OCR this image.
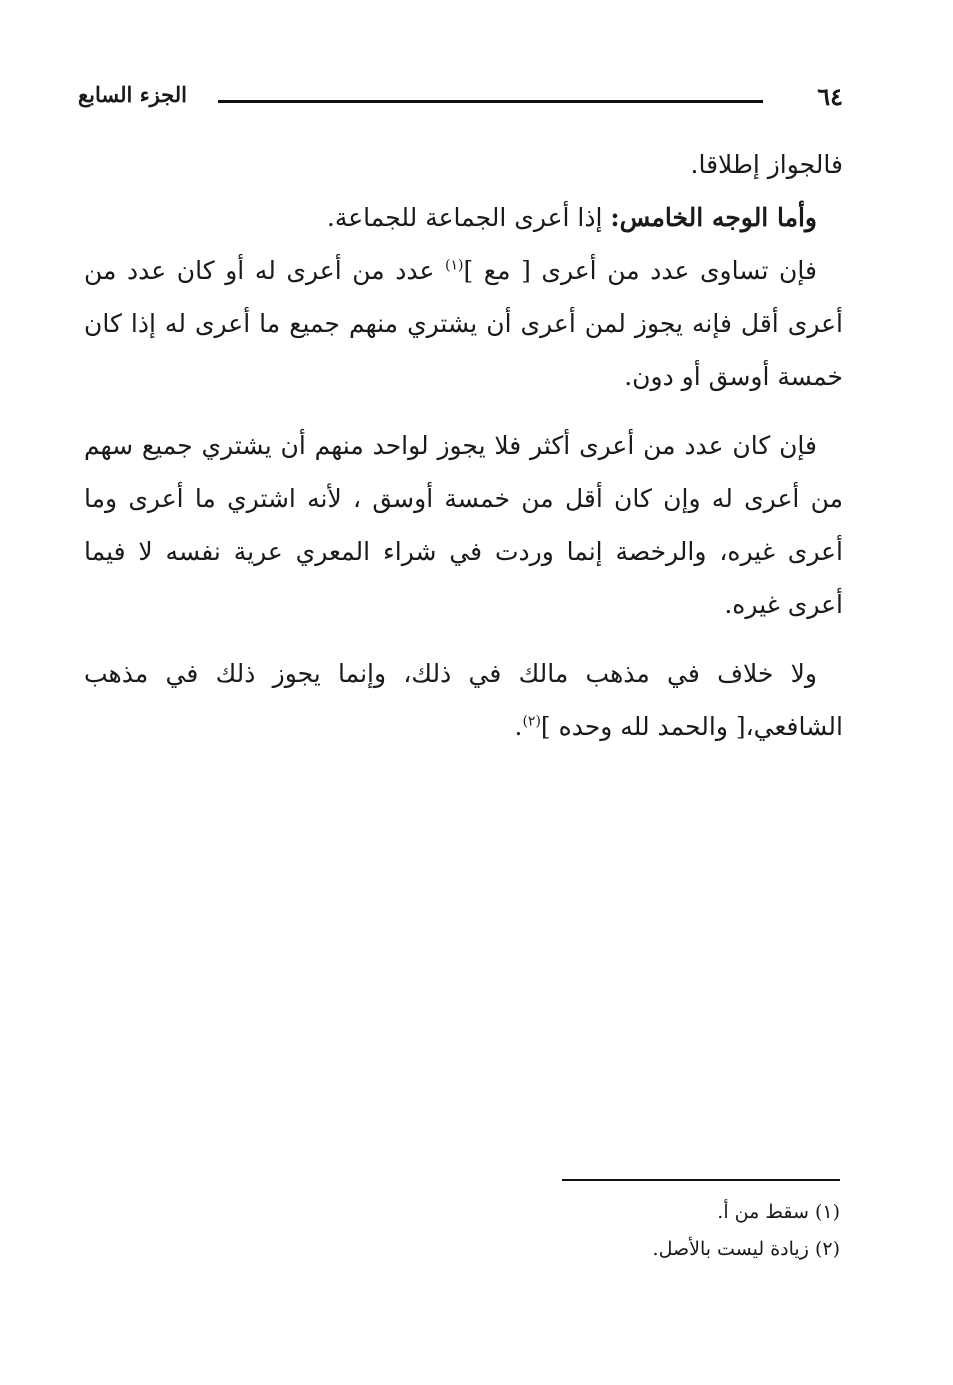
٦٤
الجزء السابع

فالجواز إطلاقا.

وأما الوجه الخامس: إذا أعرى الجماعة للجماعة.

فإن تساوى عدد من أعرى [ مع ]$^{(١)}$ عدد من أعرى له أو كان عدد من أعرى أقل فإنه يجوز لمن أعرى أن يشتري منهم جميع ما أعرى له إذا كان خمسة أوسق أو دون.

فإن كان عدد من أعرى أكثر فلا يجوز لواحد منهم أن يشتري جميع سهم من أعرى له وإن كان أقل من خمسة أوسق ، لأنه اشتري ما أعرى وما أعرى غيره، والرخصة إنما وردت في شراء المعري عرية نفسه لا فيما أعرى غيره.

ولا خلاف في مذهب مالك في ذلك، وإنما يجوز ذلك في مذهب الشافعي،[ والحمد لله وحده ]$^{(٢)}$.

(١) سقط من أ.

(٢) زيادة ليست بالأصل.
